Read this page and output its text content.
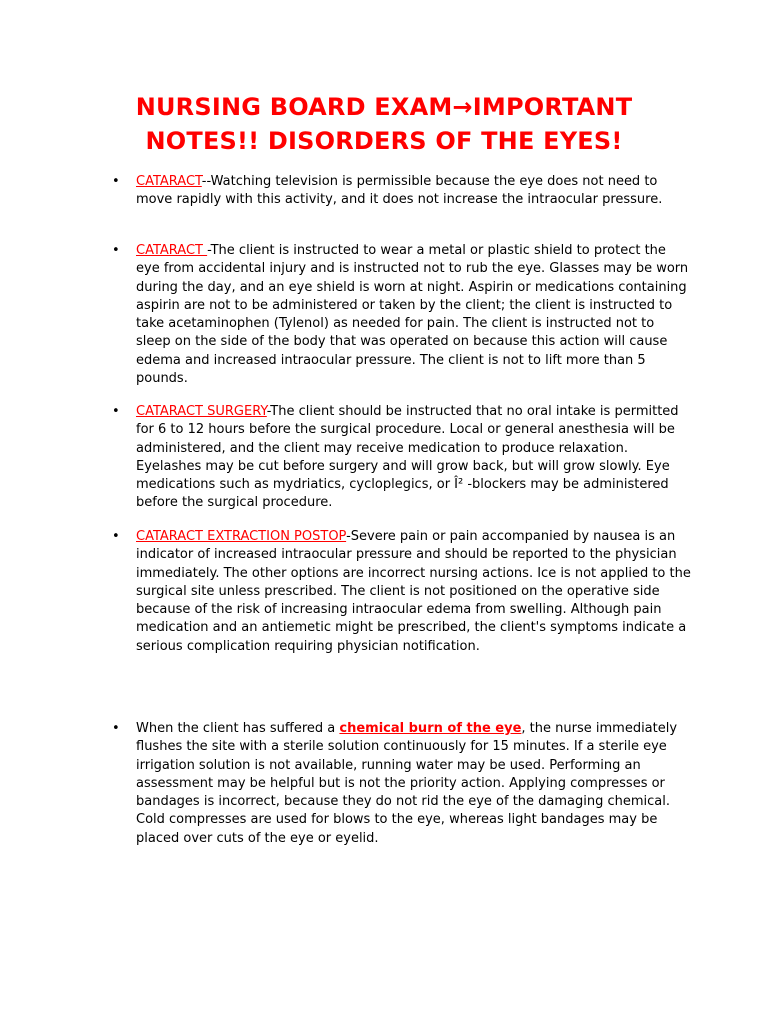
NURSING BOARD EXAM→IMPORTANT NOTES!! DISORDERS OF THE EYES!
• CATARACT--Watching television is permissible because the eye does not need to move rapidly with this activity, and it does not increase the intraocular pressure.

• CATARACT -The client is instructed to wear a metal or plastic shield to protect the eye from accidental injury and is instructed not to rub the eye. Glasses may be worn during the day, and an eye shield is worn at night. Aspirin or medications containing aspirin are not to be administered or taken by the client; the client is instructed to take acetaminophen (Tylenol) as needed for pain. The client is instructed not to sleep on the side of the body that was operated on because this action will cause edema and increased intraocular pressure. The client is not to lift more than 5 pounds.

• CATARACT SURGERY-The client should be instructed that no oral intake is permitted for 6 to 12 hours before the surgical procedure. Local or general anesthesia will be administered, and the client may receive medication to produce relaxation. Eyelashes may be cut before surgery and will grow back, but will grow slowly. Eye medications such as mydriatics, cycloplegics, or Î² -blockers may be administered before the surgical procedure.

• CATARACT EXTRACTION POSTOP-Severe pain or pain accompanied by nausea is an indicator of increased intraocular pressure and should be reported to the physician immediately. The other options are incorrect nursing actions. Ice is not applied to the surgical site unless prescribed. The client is not positioned on the operative side because of the risk of increasing intraocular edema from swelling. Although pain medication and an antiemetic might be prescribed, the client's symptoms indicate a serious complication requiring physician notification.

• When the client has suffered a chemical burn of the eye, the nurse immediately flushes the site with a sterile solution continuously for 15 minutes. If a sterile eye irrigation solution is not available, running water may be used. Performing an assessment may be helpful but is not the priority action. Applying compresses or bandages is incorrect, because they do not rid the eye of the damaging chemical. Cold compresses are used for blows to the eye, whereas light bandages may be placed over cuts of the eye or eyelid.
